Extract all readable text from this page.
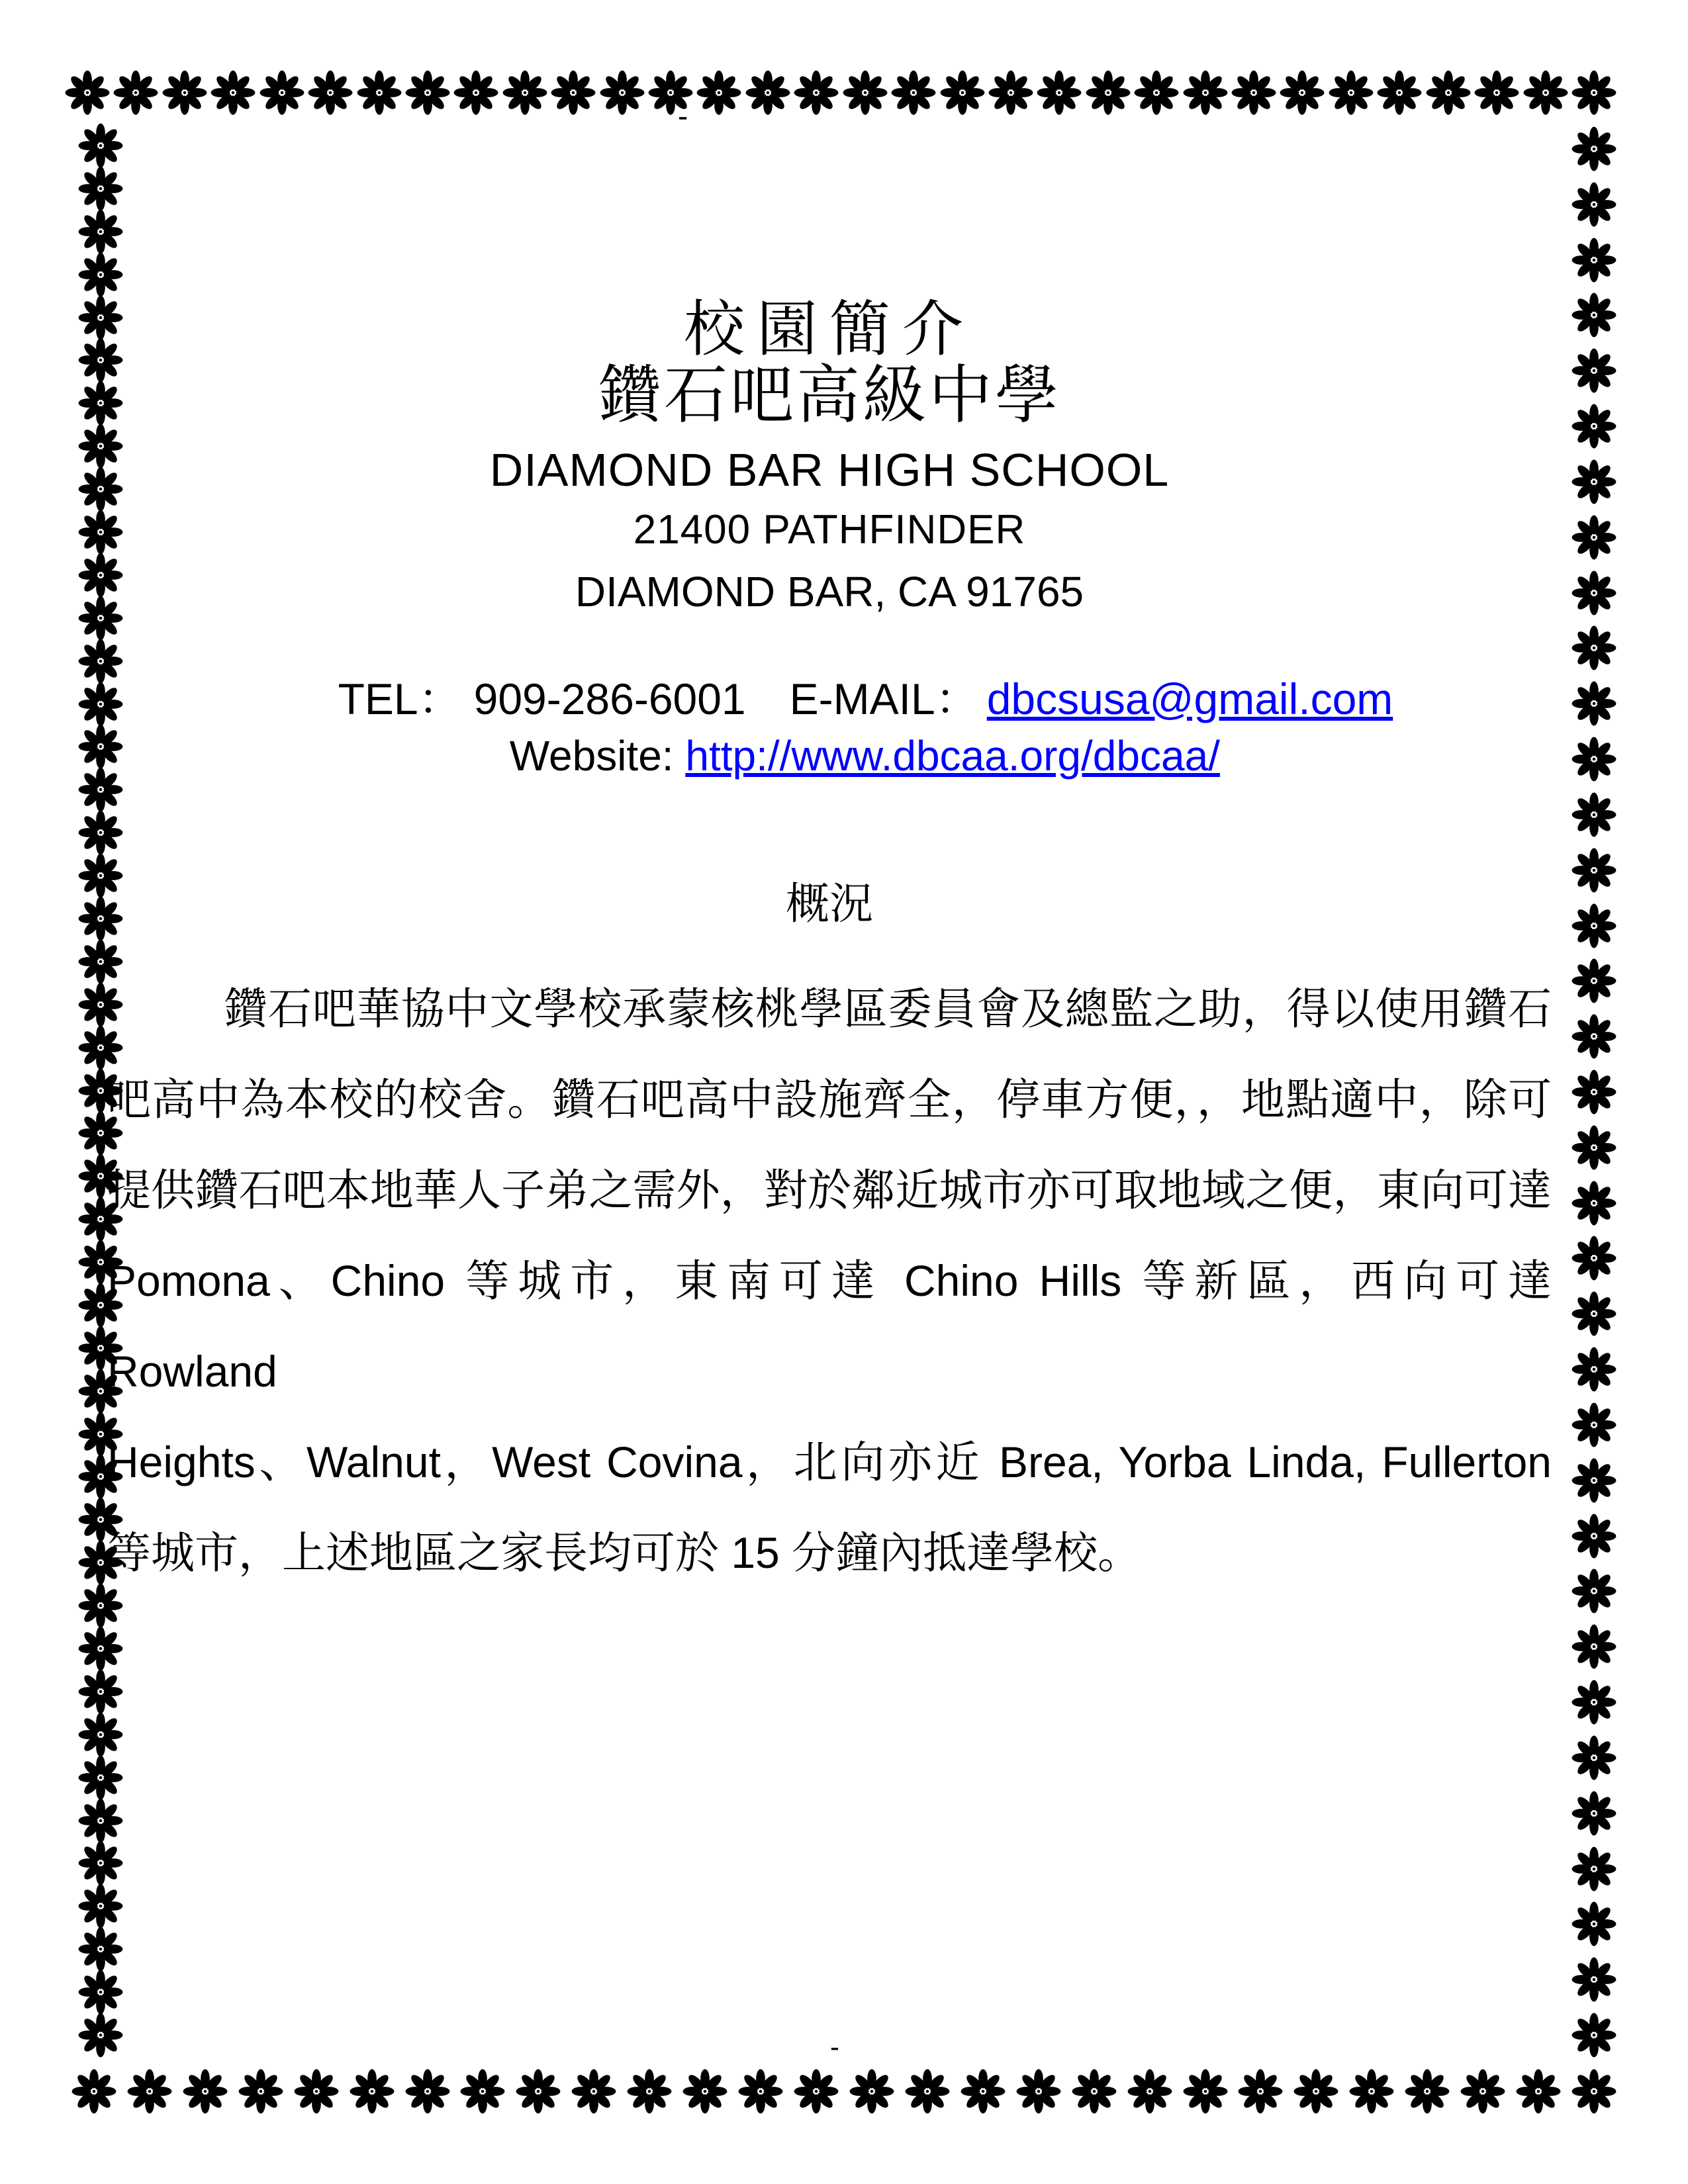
‐
-
校園簡介
鑽石吧高級中學
DIAMOND BAR HIGH SCHOOL
21400 PATHFINDER
DIAMOND BAR, CA 91765

TEL： 909-286-6001 E-MAIL： dbcsusa@gmail.com

Website: http://www.dbcaa.org/dbcaa/

概況
鑽石吧華協中文學校承蒙核桃學區委員會及總監之助，得以使用鑽石
吧高中為本校的校舍。鑽石吧高中設施齊全，停車方便，，地點適中，除可
提供鑽石吧本地華人子弟之需外，對於鄰近城市亦可取地域之便，東向可達
Pomona、Chino 等城市，東南可達 Chino Hills 等新區，西向可達 Rowland
Heights、Walnut，West Covina，北向亦近 Brea, Yorba Linda, Fullerton
等城市，上述地區之家長均可於 15 分鐘內抵達學校。
